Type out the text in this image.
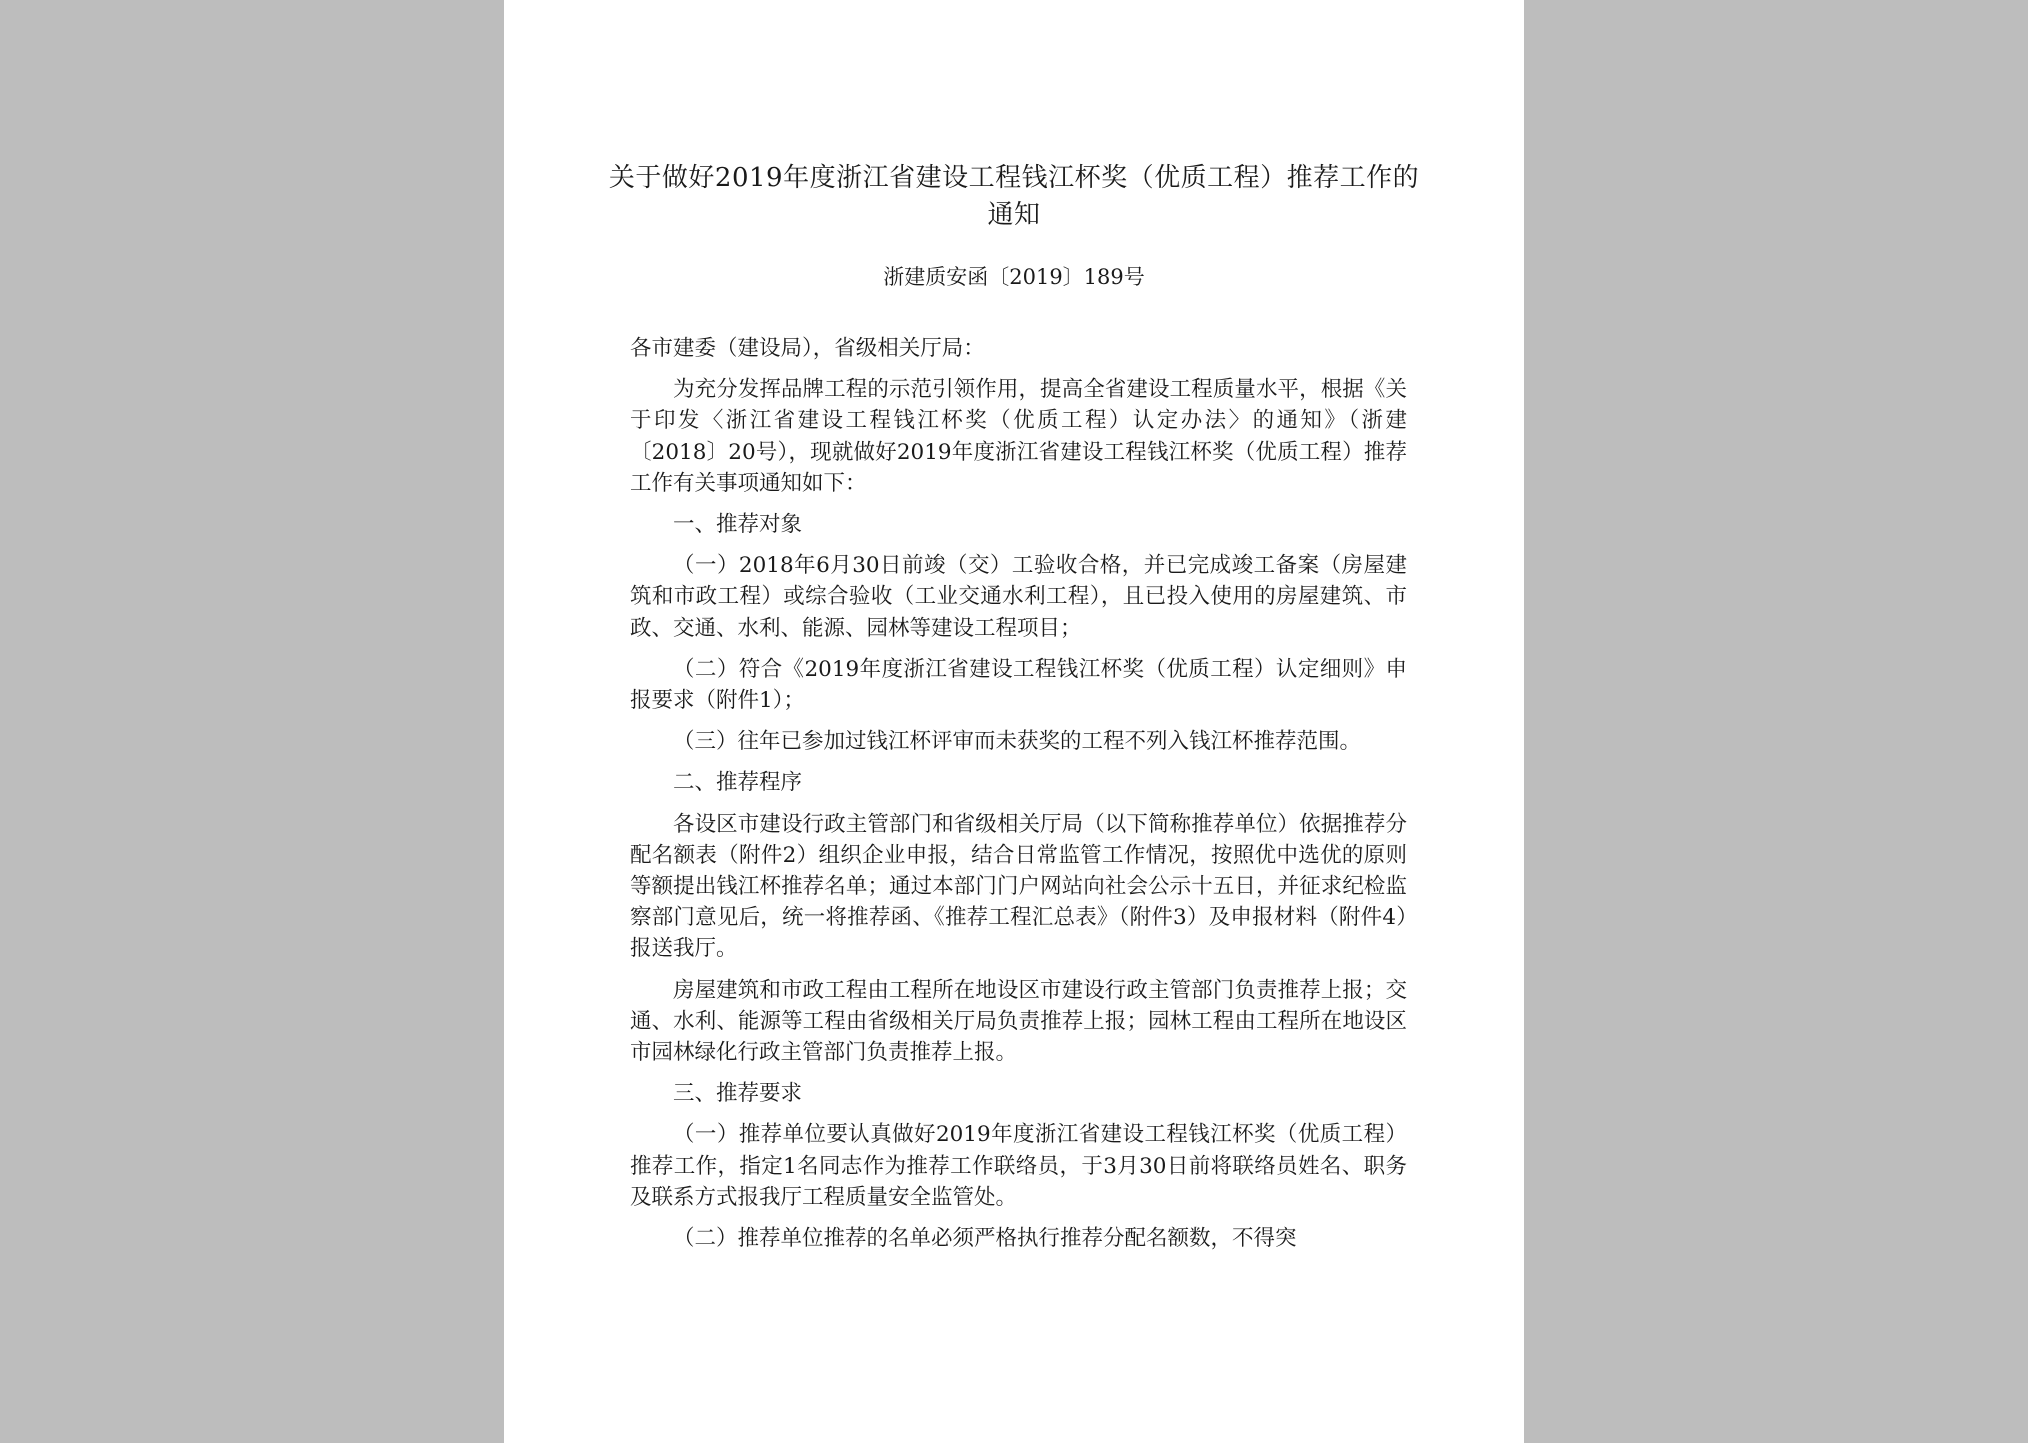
关于做好2019年度浙江省建设工程钱江杯奖（优质工程）推荐工作的通知
浙建质安函〔2019〕189号

各市建委（建设局），省级相关厅局：

为充分发挥品牌工程的示范引领作用，提高全省建设工程质量水平，根据《关于印发〈浙江省建设工程钱江杯奖（优质工程）认定办法〉的通知》（浙建〔2018〕20号），现就做好2019年度浙江省建设工程钱江杯奖（优质工程）推荐工作有关事项通知如下：

一、推荐对象

（一）2018年6月30日前竣（交）工验收合格，并已完成竣工备案（房屋建筑和市政工程）或综合验收（工业交通水利工程），且已投入使用的房屋建筑、市政、交通、水利、能源、园林等建设工程项目；

（二）符合《2019年度浙江省建设工程钱江杯奖（优质工程）认定细则》申报要求（附件1）；

（三）往年已参加过钱江杯评审而未获奖的工程不列入钱江杯推荐范围。

二、推荐程序

各设区市建设行政主管部门和省级相关厅局（以下简称推荐单位）依据推荐分配名额表（附件2）组织企业申报，结合日常监管工作情况，按照优中选优的原则等额提出钱江杯推荐名单；通过本部门门户网站向社会公示十五日，并征求纪检监察部门意见后，统一将推荐函、《推荐工程汇总表》（附件3）及申报材料（附件4）报送我厅。

房屋建筑和市政工程由工程所在地设区市建设行政主管部门负责推荐上报；交通、水利、能源等工程由省级相关厅局负责推荐上报；园林工程由工程所在地设区市园林绿化行政主管部门负责推荐上报。

三、推荐要求

（一）推荐单位要认真做好2019年度浙江省建设工程钱江杯奖（优质工程）推荐工作，指定1名同志作为推荐工作联络员，于3月30日前将联络员姓名、职务及联系方式报我厅工程质量安全监管处。

（二）推荐单位推荐的名单必须严格执行推荐分配名额数，不得突
